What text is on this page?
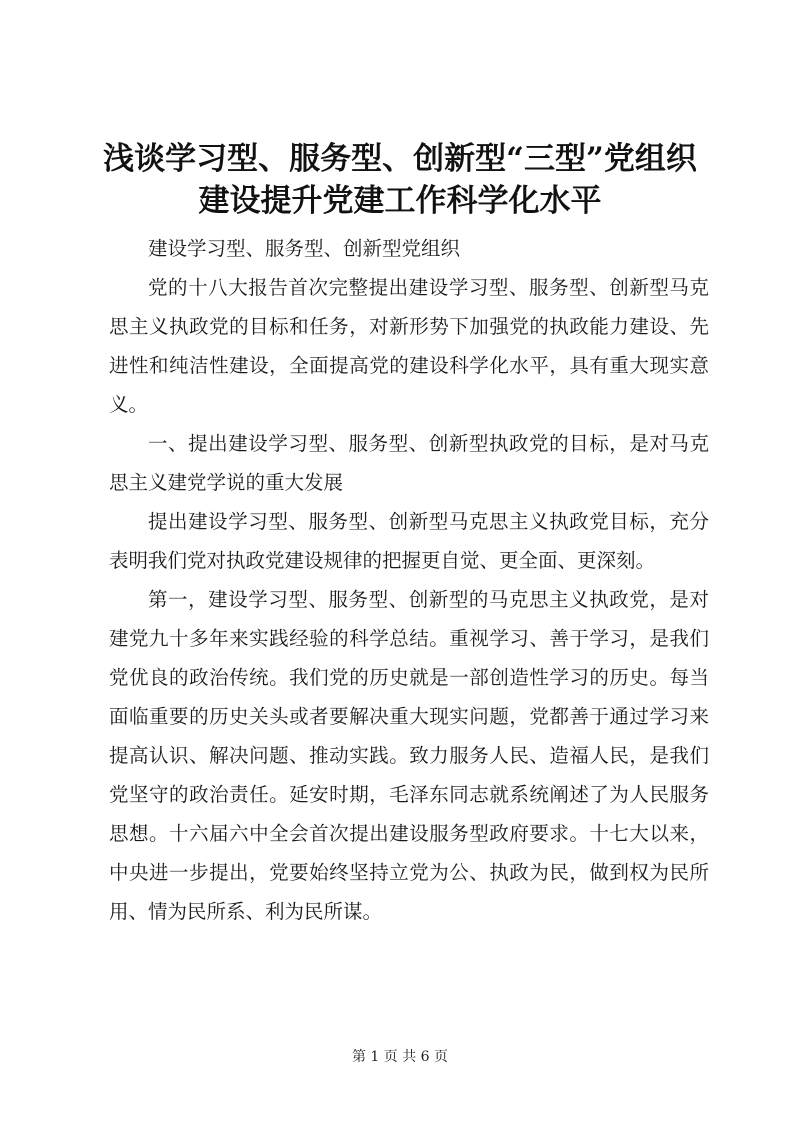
浅谈学习型、服务型、创新型“三型”党组织
建设提升党建工作科学化水平

建设学习型、服务型、创新型党组织

党的十八大报告首次完整提出建设学习型、服务型、创新型马克思主义执政党的目标和任务，对新形势下加强党的执政能力建设、先进性和纯洁性建设，全面提高党的建设科学化水平，具有重大现实意义。

一、提出建设学习型、服务型、创新型执政党的目标，是对马克思主义建党学说的重大发展

提出建设学习型、服务型、创新型马克思主义执政党目标，充分表明我们党对执政党建设规律的把握更自觉、更全面、更深刻。

第一，建设学习型、服务型、创新型的马克思主义执政党，是对建党九十多年来实践经验的科学总结。重视学习、善于学习，是我们党优良的政治传统。我们党的历史就是一部创造性学习的历史。每当面临重要的历史关头或者要解决重大现实问题，党都善于通过学习来提高认识、解决问题、推动实践。致力服务人民、造福人民，是我们党坚守的政治责任。延安时期，毛泽东同志就系统阐述了为人民服务思想。十六届六中全会首次提出建设服务型政府要求。十七大以来，中央进一步提出，党要始终坚持立党为公、执政为民，做到权为民所用、情为民所系、利为民所谋。

第 1 页 共 6 页
